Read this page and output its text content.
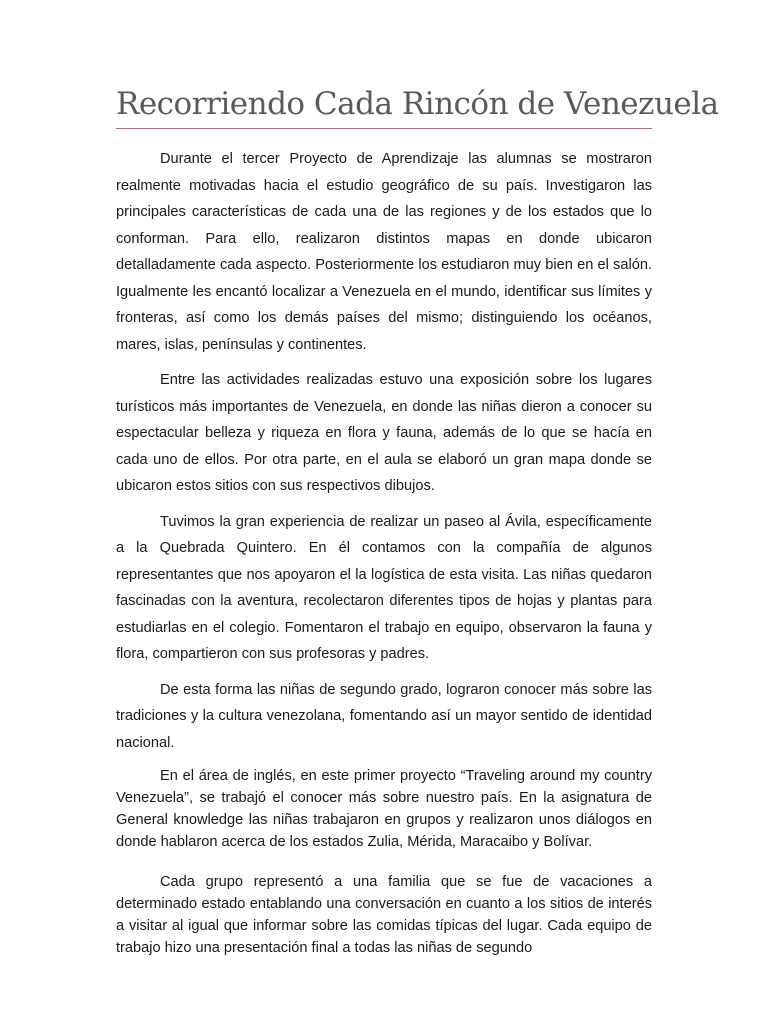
Recorriendo Cada Rincón de Venezuela

Durante el tercer Proyecto de Aprendizaje las alumnas se mostraron realmente motivadas hacia el estudio geográfico de su país. Investigaron las principales características de cada una de las regiones y de los estados que lo conforman. Para ello, realizaron distintos mapas en donde ubicaron detalladamente cada aspecto. Posteriormente los estudiaron muy bien en el salón. Igualmente les encantó localizar a Venezuela en el mundo, identificar sus límites y fronteras, así como los demás países del mismo; distinguiendo los océanos, mares, islas, penínsulas y continentes.

Entre las actividades realizadas estuvo una exposición sobre los lugares turísticos más importantes de Venezuela, en donde las niñas dieron a conocer su espectacular belleza y riqueza en flora y fauna, además de lo que se hacía en cada uno de ellos. Por otra parte, en el aula se elaboró un gran mapa donde se ubicaron estos sitios con sus respectivos dibujos.

Tuvimos la gran experiencia de realizar un paseo al Ávila, específicamente a la Quebrada Quintero. En él contamos con la compañía de algunos representantes que nos apoyaron el la logística de esta visita. Las niñas quedaron fascinadas con la aventura, recolectaron diferentes tipos de hojas y plantas para estudiarlas en el colegio. Fomentaron el trabajo en equipo, observaron la fauna y flora, compartieron con sus profesoras y padres.

De esta forma las niñas de segundo grado, lograron conocer más sobre las tradiciones y la cultura venezolana, fomentando así un mayor sentido de identidad nacional.

En el área de inglés, en este primer proyecto “Traveling around my country Venezuela”, se trabajó el conocer más sobre nuestro país. En la asignatura de General knowledge las niñas trabajaron en grupos y realizaron unos diálogos en donde hablaron acerca de los estados Zulia, Mérida, Maracaibo y Bolívar.

Cada grupo representó a una familia que se fue de vacaciones a determinado estado entablando una conversación en cuanto a los sitios de interés a visitar al igual que informar sobre las comidas típicas del lugar. Cada equipo de trabajo hizo una presentación final a todas las niñas de segundo
